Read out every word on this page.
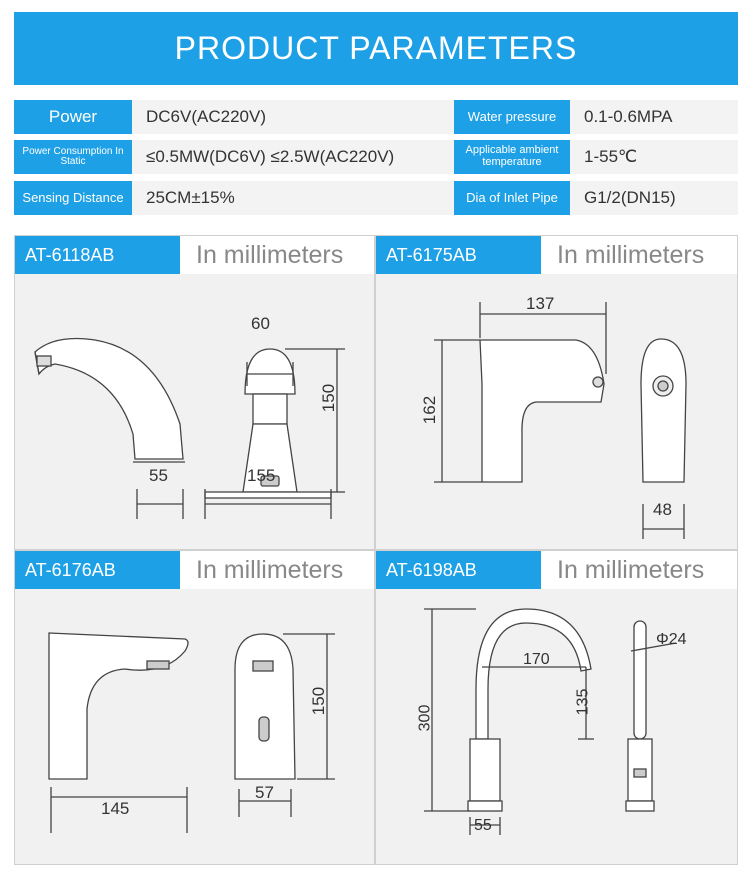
PRODUCT PARAMETERS
Power	DC6V(AC220V)	Water pressure	0.1-0.6MPA
Power Consumption In Static	≤0.5MW(DC6V) ≤2.5W(AC220V)	Applicable ambient temperature	1-55℃
Sensing Distance	25CM±15%	Dia of Inlet Pipe	G1/2(DN15)
AT-6118AB	In millimeters
60
150
55	155
AT-6175AB	In millimeters
137
162
48
AT-6176AB	In millimeters
145
57
150
AT-6198AB	In millimeters
Φ24
170
135
300
55
